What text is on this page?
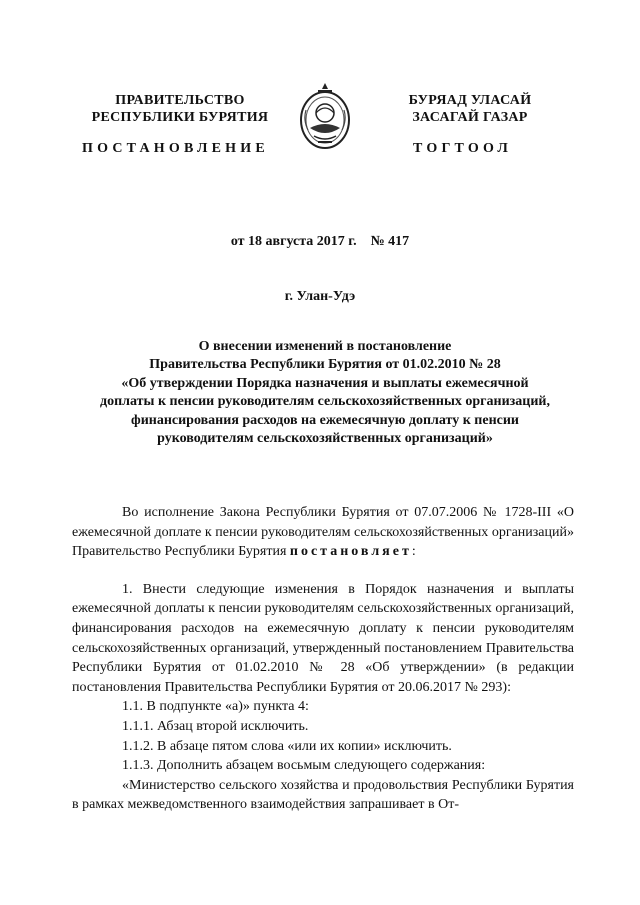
ПРАВИТЕЛЬСТВО
РЕСПУБЛИКИ БУРЯТИЯ
БУРЯАД УЛАСАЙ
ЗАСАГАЙ ГАЗАР
ПОСТАНОВЛЕНИЕ	ТОГТООЛ
от 18 августа 2017 г. № 417
г. Улан-Удэ
О внесении изменений в постановление
Правительства Республики Бурятия от 01.02.2010 № 28
«Об утверждении Порядка назначения и выплаты ежемесячной
доплаты к пенсии руководителям сельскохозяйственных организаций,
финансирования расходов на ежемесячную доплату к пенсии
руководителям сельскохозяйственных организаций»

Во исполнение Закона Республики Бурятия от 07.07.2006 № 1728-III «О ежемесячной доплате к пенсии руководителям сельскохозяйственных организаций» Правительство Республики Бурятия постановляет:

1. Внести следующие изменения в Порядок назначения и выплаты ежемесячной доплаты к пенсии руководителям сельскохозяйственных организаций, финансирования расходов на ежемесячную доплату к пенсии руководителям сельскохозяйственных организаций, утвержденный постановлением Правительства Республики Бурятия от 01.02.2010 № 28 «Об утверждении» (в редакции постановления Правительства Республики Бурятия от 20.06.2017 № 293):

1.1. В подпункте «а)» пункта 4:

1.1.1. Абзац второй исключить.

1.1.2. В абзаце пятом слова «или их копии» исключить.

1.1.3. Дополнить абзацем восьмым следующего содержания:

«Министерство сельского хозяйства и продовольствия Республики Бурятия в рамках межведомственного взаимодействия запрашивает в От-
